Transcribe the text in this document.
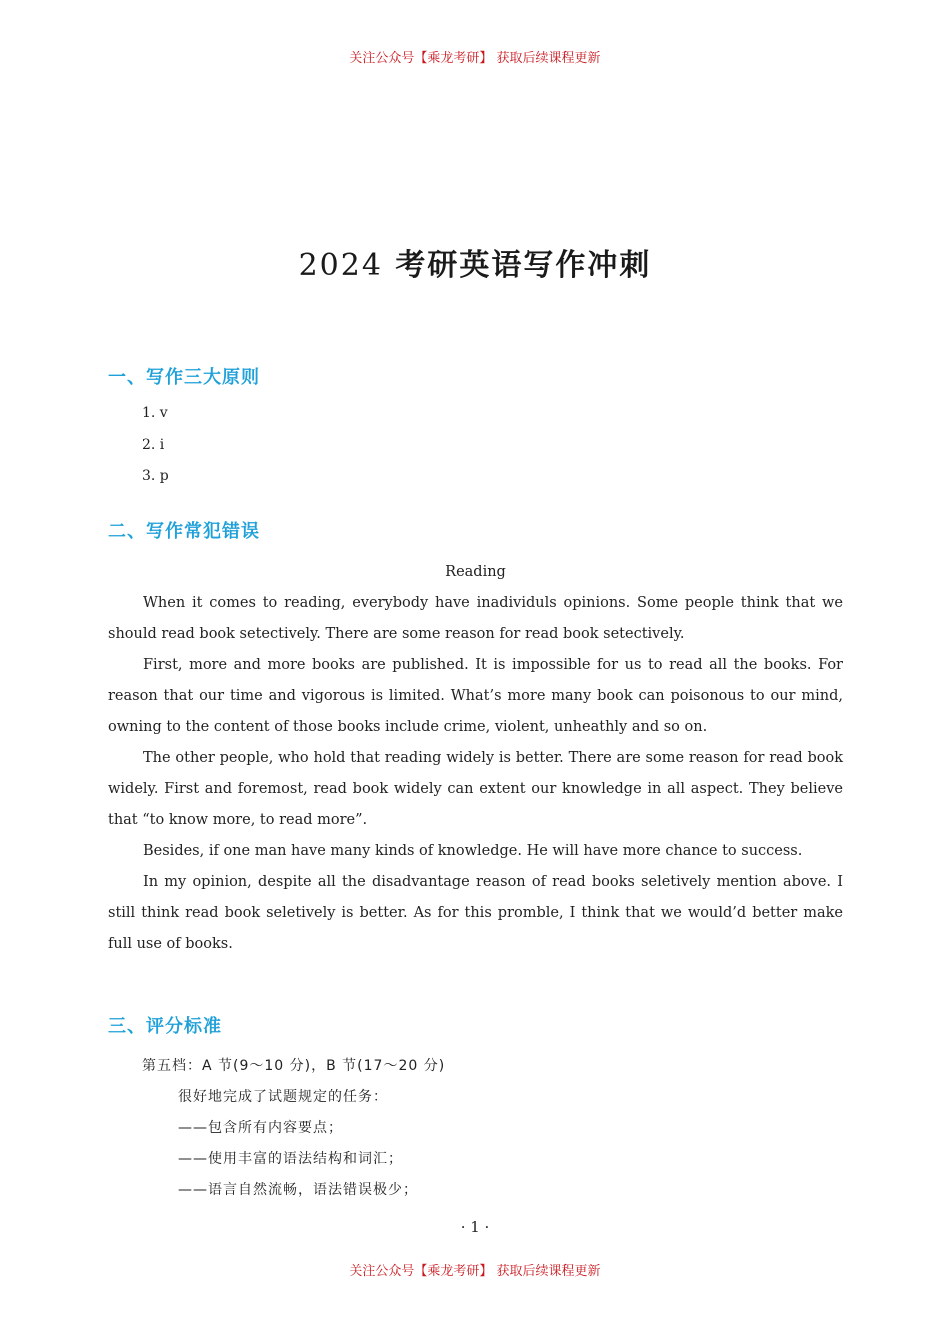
关注公众号【乘龙考研】 获取后续课程更新
2024 考研英语写作冲刺
一、写作三大原则
1. v
2. i
3. p
二、写作常犯错误
Reading

When it comes to reading, everybody have inadividuls opinions. Some people think that we should read book setectively. There are some reason for read book setectively.

First, more and more books are published. It is impossible for us to read all the books. For reason that our time and vigorous is limited. What’s more many book can poisonous to our mind, owning to the content of those books include crime, violent, unheathly and so on.

The other people, who hold that reading widely is better. There are some reason for read book widely. First and foremost, read book widely can extent our knowledge in all aspect. They believe that “to know more, to read more”.

Besides, if one man have many kinds of knowledge. He will have more chance to success.

In my opinion, despite all the disadvantage reason of read books seletively mention above. I still think read book seletively is better. As for this promble, I think that we would’d better make full use of books.

三、评分标准
第五档：A 节(9～10 分)，B 节(17～20 分)
很好地完成了试题规定的任务：
——包含所有内容要点；
——使用丰富的语法结构和词汇；
——语言自然流畅，语法错误极少；
· 1 ·
关注公众号【乘龙考研】 获取后续课程更新
